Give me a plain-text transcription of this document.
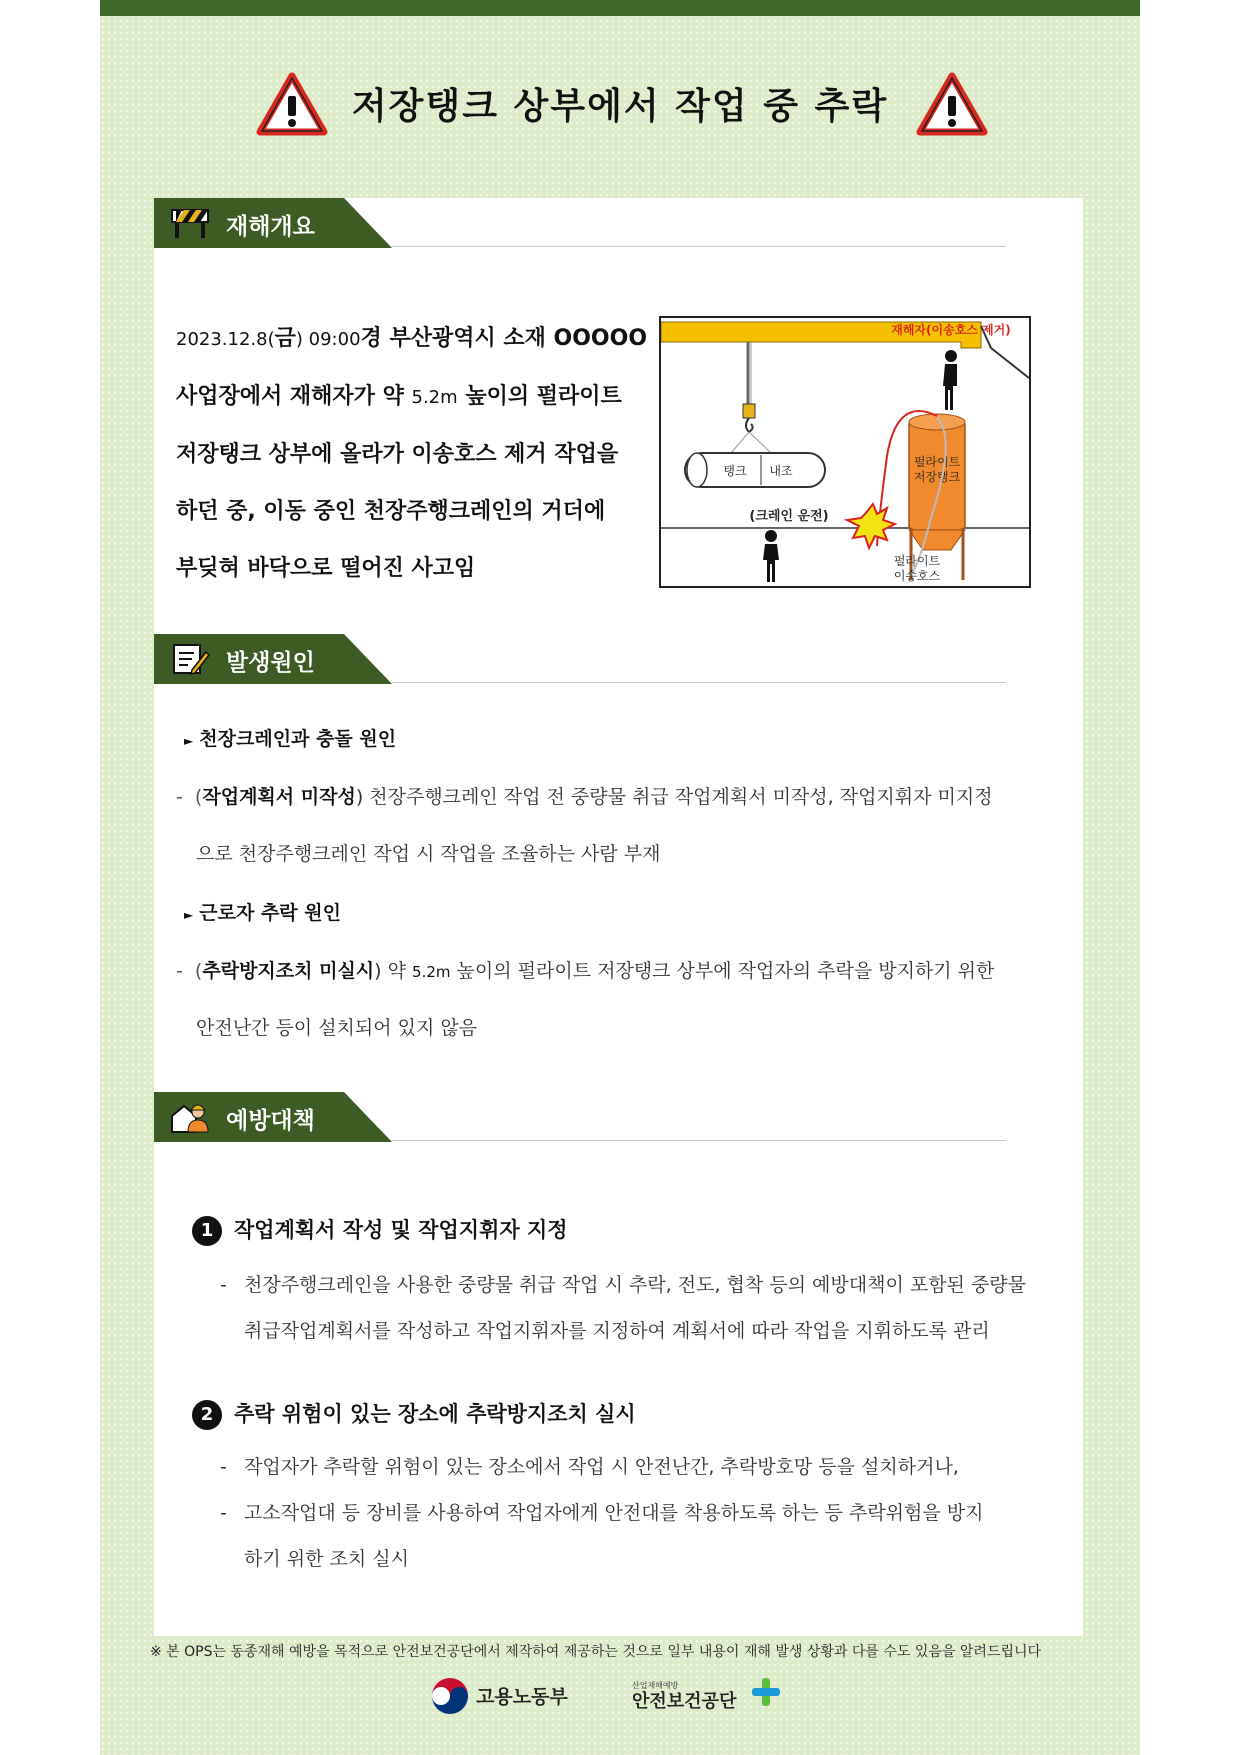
저장탱크 상부에서 작업 중 추락
재해개요
2023.12.8(금) 09:00경 부산광역시 소재 OOOOO
사업장에서 재해자가 약 5.2m 높이의 펄라이트
저장탱크 상부에 올라가 이송호스 제거 작업을
하던 중, 이동 중인 천장주행크레인의 거더에
부딪혀 바닥으로 떨어진 사고임
탱크 내조
(크레인 운전)
펄라이트
저장탱크
재해자(이송호스 제거)
펄라이트
이송호스
발생원인
► 천장크레인과 충돌 원인
-  (작업계획서 미작성) 천장주행크레인 작업 전 중량물 취급 작업계획서 미작성, 작업지휘자 미지정
으로 천장주행크레인 작업 시 작업을 조율하는 사람 부재
► 근로자 추락 원인
-  (추락방지조치 미실시) 약 5.2m 높이의 펄라이트 저장탱크 상부에 작업자의 추락을 방지하기 위한
안전난간 등이 설치되어 있지 않음
예방대책
1 작업계획서 작성 및 작업지휘자 지정
- 천장주행크레인을 사용한 중량물 취급 작업 시 추락, 전도, 협착 등의 예방대책이 포함된 중량물
취급작업계획서를 작성하고 작업지휘자를 지정하여 계획서에 따라 작업을 지휘하도록 관리
2 추락 위험이 있는 장소에 추락방지조치 실시
- 작업자가 추락할 위험이 있는 장소에서 작업 시 안전난간, 추락방호망 등을 설치하거나,
- 고소작업대 등 장비를 사용하여 작업자에게 안전대를 착용하도록 하는 등 추락위험을 방지
하기 위한 조치 실시
※ 본 OPS는 동종재해 예방을 목적으로 안전보건공단에서 제작하여 제공하는 것으로 일부 내용이 재해 발생 상황과 다를 수도 있음을 알려드립니다
고용노동부
산업재해예방
안전보건공단
